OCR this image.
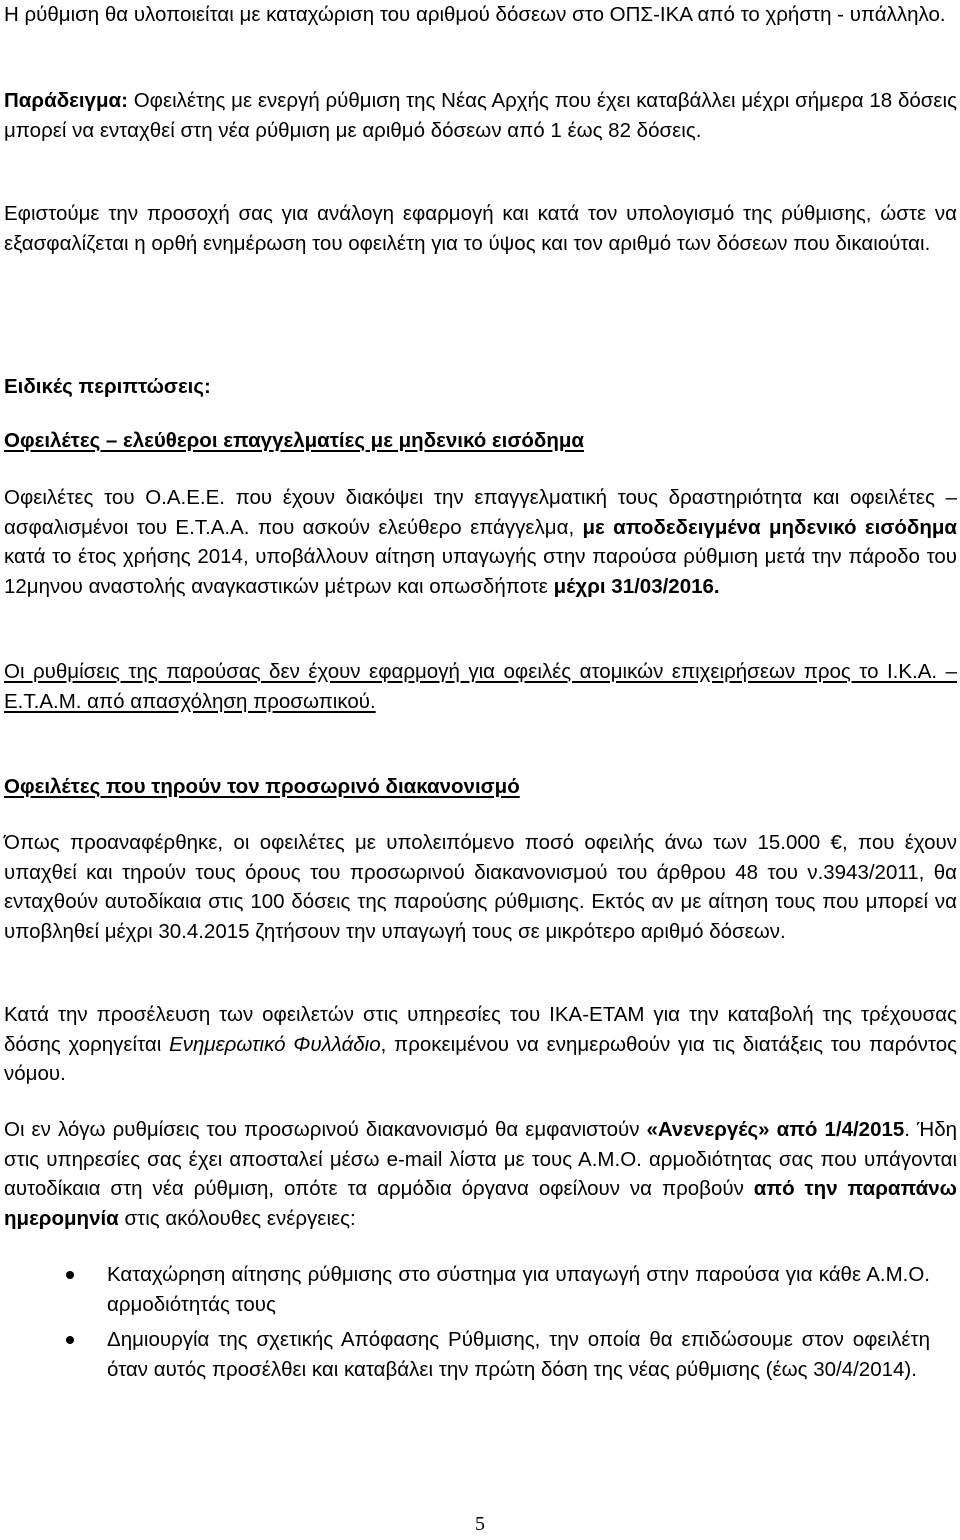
Η ρύθμιση θα υλοποιείται με καταχώριση του αριθμού δόσεων στο ΟΠΣ-ΙΚΑ από το χρήστη - υπάλληλο.

Παράδειγμα: Οφειλέτης με ενεργή ρύθμιση της Νέας Αρχής που έχει καταβάλλει μέχρι σήμερα 18 δόσεις μπορεί να ενταχθεί στη νέα ρύθμιση με αριθμό δόσεων από 1 έως 82 δόσεις.

Εφιστούμε την προσοχή σας για ανάλογη εφαρμογή και κατά τον υπολογισμό της ρύθμισης, ώστε να εξασφαλίζεται η ορθή ενημέρωση του οφειλέτη για το ύψος και τον αριθμό των δόσεων που δικαιούται.

Ειδικές περιπτώσεις:

Οφειλέτες – ελεύθεροι επαγγελματίες με μηδενικό εισόδημα

Οφειλέτες του Ο.Α.Ε.Ε. που έχουν διακόψει την επαγγελματική τους δραστηριότητα και οφειλέτες – ασφαλισμένοι του Ε.Τ.Α.Α. που ασκούν ελεύθερο επάγγελμα, με αποδεδειγμένα μηδενικό εισόδημα κατά το έτος χρήσης 2014, υποβάλλουν αίτηση υπαγωγής στην παρούσα ρύθμιση μετά την πάροδο του 12μηνου αναστολής αναγκαστικών μέτρων και οπωσδήποτε μέχρι 31/03/2016.

Οι ρυθμίσεις της παρούσας δεν έχουν εφαρμογή για οφειλές ατομικών επιχειρήσεων προς το Ι.Κ.Α. – Ε.Τ.Α.Μ. από απασχόληση προσωπικού.

Οφειλέτες που τηρούν τον προσωρινό διακανονισμό

Όπως προαναφέρθηκε, οι οφειλέτες με υπολειπόμενο ποσό οφειλής άνω των 15.000 €, που έχουν υπαχθεί και τηρούν τους όρους του προσωρινού διακανονισμού του άρθρου 48 του ν.3943/2011, θα ενταχθούν αυτοδίκαια στις 100 δόσεις της παρούσης ρύθμισης. Εκτός αν με αίτηση τους που μπορεί να υποβληθεί μέχρι 30.4.2015 ζητήσουν την υπαγωγή τους σε μικρότερο αριθμό δόσεων.

Κατά την προσέλευση των οφειλετών στις υπηρεσίες του ΙΚΑ-ΕΤΑΜ για την καταβολή της τρέχουσας δόσης χορηγείται Ενημερωτικό Φυλλάδιο, προκειμένου να ενημερωθούν για τις διατάξεις του παρόντος νόμου.

Οι εν λόγω ρυθμίσεις του προσωρινού διακανονισμό θα εμφανιστούν «Ανενεργές» από 1/4/2015. Ήδη στις υπηρεσίες σας έχει αποσταλεί μέσω e-mail λίστα με τους Α.Μ.Ο. αρμοδιότητας σας που υπάγονται αυτοδίκαια στη νέα ρύθμιση, οπότε τα αρμόδια όργανα οφείλουν να προβούν από την παραπάνω ημερομηνία στις ακόλουθες ενέργειες:

Καταχώρηση αίτησης ρύθμισης στο σύστημα για υπαγωγή στην παρούσα για κάθε Α.Μ.Ο. αρμοδιότητάς τους
Δημιουργία της σχετικής Απόφασης Ρύθμισης, την οποία θα επιδώσουμε στον οφειλέτη όταν αυτός προσέλθει και καταβάλει την πρώτη δόση της νέας ρύθμισης (έως 30/4/2014).
5
